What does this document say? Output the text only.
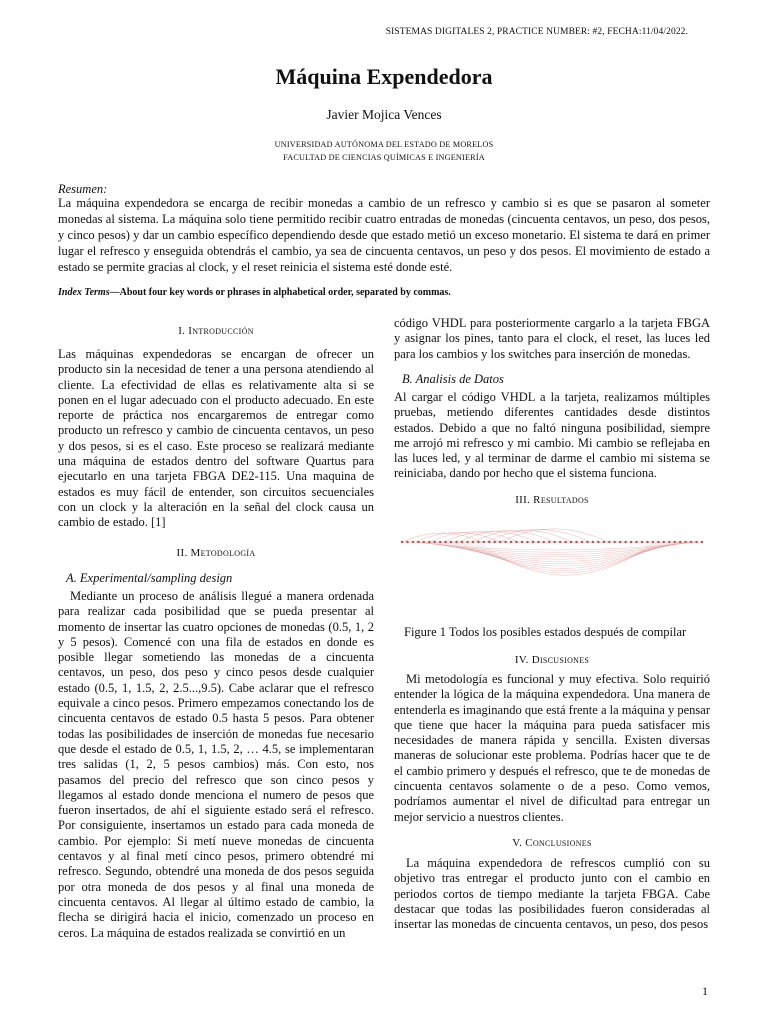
SISTEMAS DIGITALES 2, PRACTICE NUMBER: #2, FECHA:11/04/2022.
Máquina Expendedora
Javier Mojica Vences
UNIVERSIDAD AUTÓNOMA DEL ESTADO DE MORELOS
FACULTAD DE CIENCIAS QUÍMICAS E INGENIERÍA
Resumen:
La máquina expendedora se encarga de recibir monedas a cambio de un refresco y cambio si es que se pasaron al someter monedas al sistema. La máquina solo tiene permitido recibir cuatro entradas de monedas (cincuenta centavos, un peso, dos pesos, y cinco pesos) y dar un cambio específico dependiendo desde que estado metió un exceso monetario. El sistema te dará en primer lugar el refresco y enseguida obtendrás el cambio, ya sea de cincuenta centavos, un peso y dos pesos. El movimiento de estado a estado se permite gracias al clock, y el reset reinicia el sistema esté donde esté.
Index Terms—About four key words or phrases in alphabetical order, separated by commas.
I. Introducción
Las máquinas expendedoras se encargan de ofrecer un producto sin la necesidad de tener a una persona atendiendo al cliente. La efectividad de ellas es relativamente alta si se ponen en el lugar adecuado con el producto adecuado. En este reporte de práctica nos encargaremos de entregar como producto un refresco y cambio de cincuenta centavos, un peso y dos pesos, si es el caso. Este proceso se realizará mediante una máquina de estados dentro del software Quartus para ejecutarlo en una tarjeta FBGA DE2-115. Una maquina de estados es muy fácil de entender, son circuitos secuenciales con un clock y la alteración en la señal del clock causa un cambio de estado. [1]
II. Metodología
A. Experimental/sampling design
Mediante un proceso de análisis llegué a manera ordenada para realizar cada posibilidad que se pueda presentar al momento de insertar las cuatro opciones de monedas (0.5, 1, 2 y 5 pesos). Comencé con una fila de estados en donde es posible llegar sometiendo las monedas de a cincuenta centavos, un peso, dos peso y cinco pesos desde cualquier estado (0.5, 1, 1.5, 2, 2.5...,9.5). Cabe aclarar que el refresco equivale a cinco pesos. Primero empezamos conectando los de cincuenta centavos de estado 0.5 hasta 5 pesos. Para obtener todas las posibilidades de inserción de monedas fue necesario que desde el estado de 0.5, 1, 1.5, 2, … 4.5, se implementaran tres salidas (1, 2, 5 pesos cambios) más. Con esto, nos pasamos del precio del refresco que son cinco pesos y llegamos al estado donde menciona el numero de pesos que fueron insertados, de ahí el siguiente estado será el refresco. Por consiguiente, insertamos un estado para cada moneda de cambio. Por ejemplo: Si metí nueve monedas de cincuenta centavos y al final metí cinco pesos, primero obtendré mi refresco. Segundo, obtendré una moneda de dos pesos seguida por otra moneda de dos pesos y al final una moneda de cincuenta centavos. Al llegar al último estado de cambio, la flecha se dirigirá hacia el inicio, comenzado un proceso en ceros. La máquina de estados realizada se convirtió en un
código VHDL para posteriormente cargarlo a la tarjeta FBGA y asignar los pines, tanto para el clock, el reset, las luces led para los cambios y los switches para inserción de monedas.
B. Analisis de Datos
Al cargar el código VHDL a la tarjeta, realizamos múltiples pruebas, metiendo diferentes cantidades desde distintos estados. Debido a que no faltó ninguna posibilidad, siempre me arrojó mi refresco y mi cambio. Mi cambio se reflejaba en las luces led, y al terminar de darme el cambio mi sistema se reiniciaba, dando por hecho que el sistema funciona.
III. Resultados
Figure 1 Todos los posibles estados después de compilar
IV. Discusiones
Mi metodología es funcional y muy efectiva. Solo requirió entender la lógica de la máquina expendedora. Una manera de entenderla es imaginando que está frente a la máquina y pensar que tiene que hacer la máquina para pueda satisfacer mis necesidades de manera rápida y sencilla. Existen diversas maneras de solucionar este problema. Podrías hacer que te de el cambio primero y después el refresco, que te de monedas de cincuenta centavos solamente o de a peso. Como vemos, podríamos aumentar el nivel de dificultad para entregar un mejor servicio a nuestros clientes.
V. Conclusiones
La máquina expendedora de refrescos cumplió con su objetivo tras entregar el producto junto con el cambio en periodos cortos de tiempo mediante la tarjeta FBGA. Cabe destacar que todas las posibilidades fueron consideradas al insertar las monedas de cincuenta centavos, un peso, dos pesos
1
